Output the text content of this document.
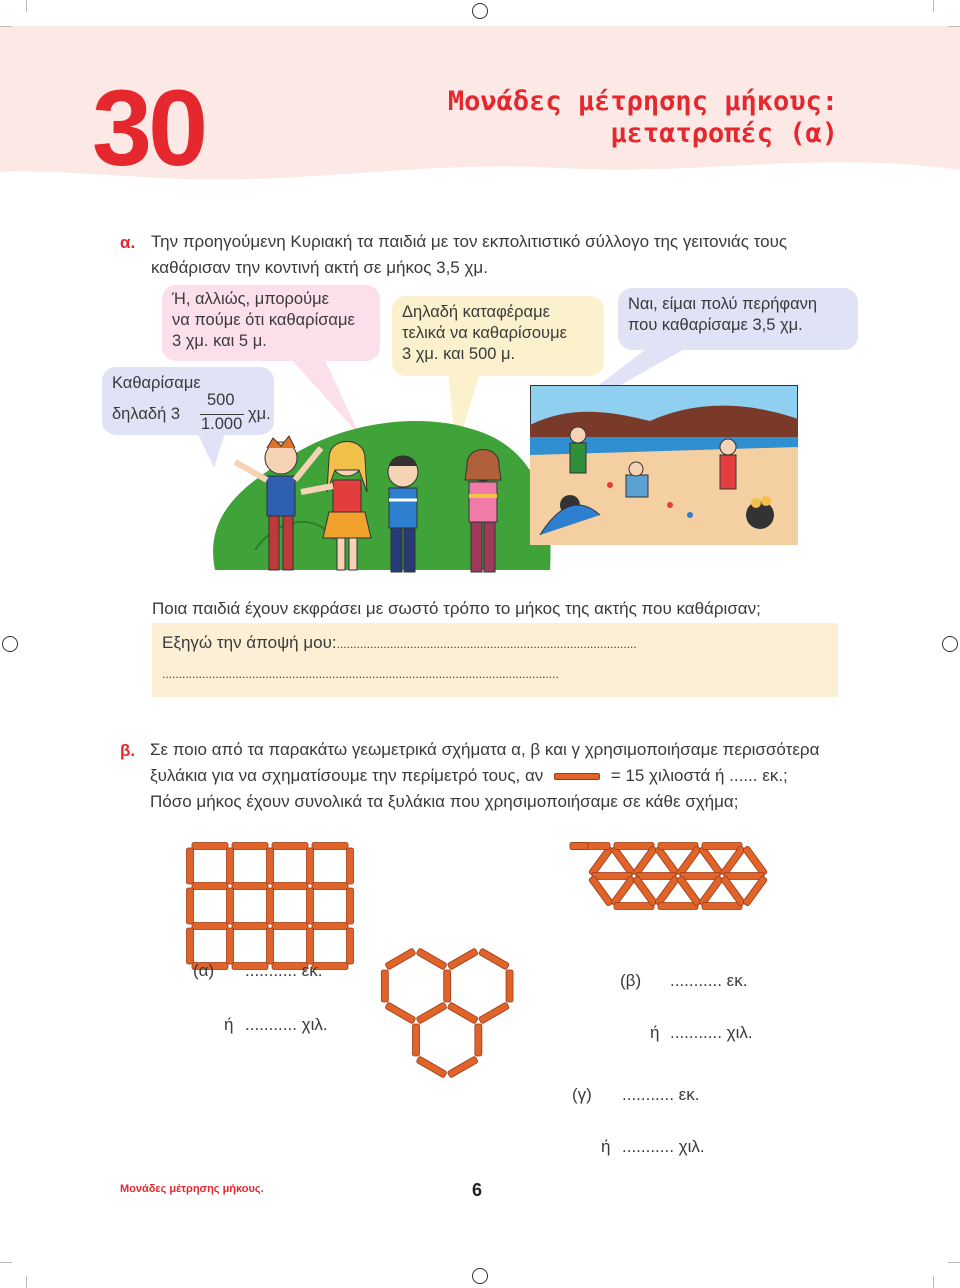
30	Μονάδες μέτρησης μήκους:
μετατροπές (α)
α. Την προηγούμενη Κυριακή τα παιδιά με τον εκπολιτιστικό σύλλογο της γειτονιάς τους
καθάρισαν την κοντινή ακτή σε μήκος 3,5 χμ.
Ή, αλλιώς, μπορούμε
να πούμε ότι καθαρίσαμε
3 χμ. και 5 μ.
Καθαρίσαμε
δηλαδή 3
500
1.000
χμ.
Δηλαδή καταφέραμε
τελικά να καθαρίσουμε
3 χμ. και 500 μ.
Ναι, είμαι πολύ περήφανη
που καθαρίσαμε 3,5 χμ.
Ποια παιδιά έχουν εκφράσει με σωστό τρόπο το μήκος της ακτής που καθάρισαν;
Εξηγώ την άποψή μου:..........................................................................................
.......................................................................................................................
β. Σε ποιο από τα παρακάτω γεωμετρικά σχήματα α, β και γ χρησιμοποιήσαμε περισσότερα
ξυλάκια για να σχηματίσουμε την περίμετρό τους, αν	= 15 χιλιοστά ή ...... εκ.;
Πόσο μήκος έχουν συνολικά τα ξυλάκια που χρησιμοποιήσαμε σε κάθε σχήμα;
(α) ........... εκ.
ή ........... χιλ.
(β) ........... εκ.
ή ........... χιλ.
(γ) ........... εκ.
ή ........... χιλ.
Μονάδες μέτρησης μήκους.	6
